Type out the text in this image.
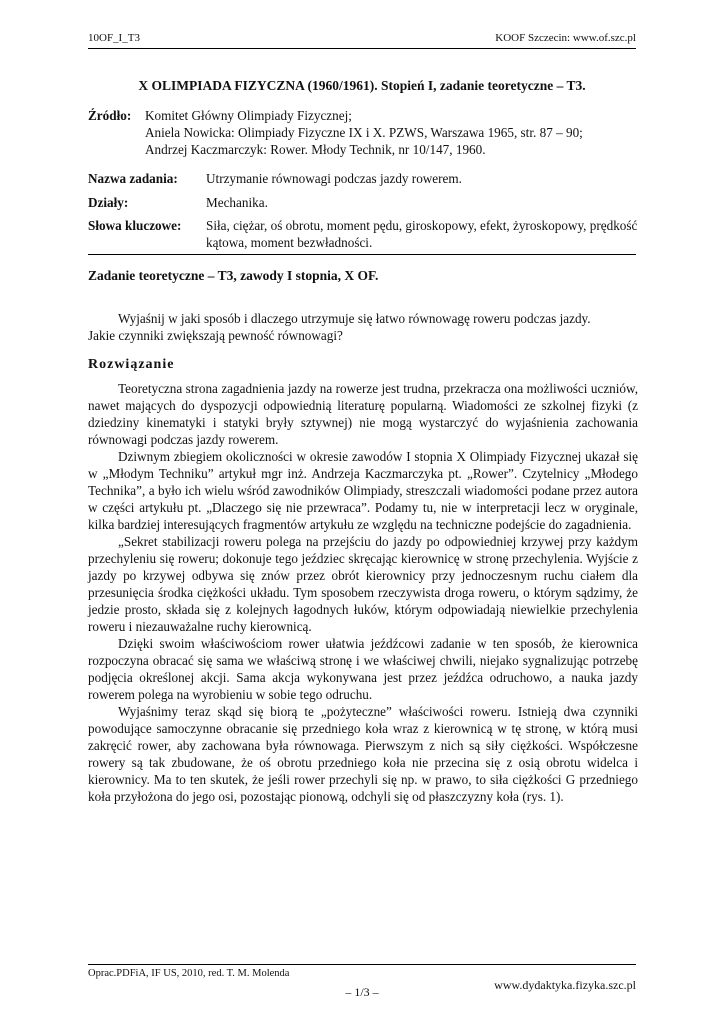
10OF_I_T3	KOOF Szczecin: www.of.szc.pl
X OLIMPIADA FIZYCZNA (1960/1961). Stopień I, zadanie teoretyczne – T3.
Źródło: Komitet Główny Olimpiady Fizycznej;
Aniela Nowicka: Olimpiady Fizyczne IX i X. PZWS, Warszawa 1965, str. 87 – 90;
Andrzej Kaczmarczyk: Rower. Młody Technik, nr 10/147, 1960.
Nazwa zadania: Utrzymanie równowagi podczas jazdy rowerem.
Działy:	Mechanika.
Słowa kluczowe: Siła, ciężar, oś obrotu, moment pędu, giroskopowy, efekt, żyroskopowy, prędkość kątowa, moment bezwładności.
Zadanie teoretyczne – T3, zawody I stopnia, X OF.

Wyjaśnij w jaki sposób i dlaczego utrzymuje się łatwo równowagę roweru podczas jazdy.

Jakie czynniki zwiększają pewność równowagi?

Rozwiązanie

Teoretyczna strona zagadnienia jazdy na rowerze jest trudna, przekracza ona możliwości uczniów, nawet mających do dyspozycji odpowiednią literaturę popularną. Wiadomości ze szkolnej fizyki (z dziedziny kinematyki i statyki bryły sztywnej) nie mogą wystarczyć do wyjaśnienia zachowania równowagi podczas jazdy rowerem.

Dziwnym zbiegiem okoliczności w okresie zawodów I stopnia X Olimpiady Fizycznej ukazał się w „Młodym Techniku” artykuł mgr inż. Andrzeja Kaczmarczyka pt. „Rower”. Czytelnicy „Młodego Technika”, a było ich wielu wśród zawodników Olimpiady, streszczali wiadomości podane przez autora w części artykułu pt. „Dlaczego się nie przewraca”. Podamy tu, nie w interpretacji lecz w oryginale, kilka bardziej interesujących fragmentów artykułu ze względu na techniczne podejście do zagadnienia.

„Sekret stabilizacji roweru polega na przejściu do jazdy po odpowiedniej krzywej przy każdym przechyleniu się roweru; dokonuje tego jeździec skręcając kierownicę w stronę przechylenia. Wyjście z jazdy po krzywej odbywa się znów przez obrót kierownicy przy jednoczesnym ruchu ciałem dla przesunięcia środka ciężkości układu. Tym sposobem rzeczywista droga roweru, o którym sądzimy, że jedzie prosto, składa się z kolejnych łagodnych łuków, którym odpowiadają niewielkie przechylenia roweru i niezauważalne ruchy kierownicą.

Dzięki swoim właściwościom rower ułatwia jeźdźcowi zadanie w ten sposób, że kierownica rozpoczyna obracać się sama we właściwą stronę i we właściwej chwili, niejako sygnalizując potrzebę podjęcia określonej akcji. Sama akcja wykonywana jest przez jeźdźca odruchowo, a nauka jazdy rowerem polega na wyrobieniu w sobie tego odruchu.

Wyjaśnimy teraz skąd się biorą te „pożyteczne” właściwości roweru. Istnieją dwa czynniki powodujące samoczynne obracanie się przedniego koła wraz z kierownicą w tę stronę, w którą musi zakręcić rower, aby zachowana była równowaga. Pierwszym z nich są siły ciężkości. Współczesne rowery są tak zbudowane, że oś obrotu przedniego koła nie przecina się z osią obrotu widelca i kierownicy. Ma to ten skutek, że jeśli rower przechyli się np. w prawo, to siła ciężkości G przedniego koła przyłożona do jego osi, pozostając pionową, odchyli się od płaszczyzny koła (rys. 1).

Oprac.PDFiA, IF US, 2010, red. T. M. Molenda
– 1/3 –	www.dydaktyka.fizyka.szc.pl
